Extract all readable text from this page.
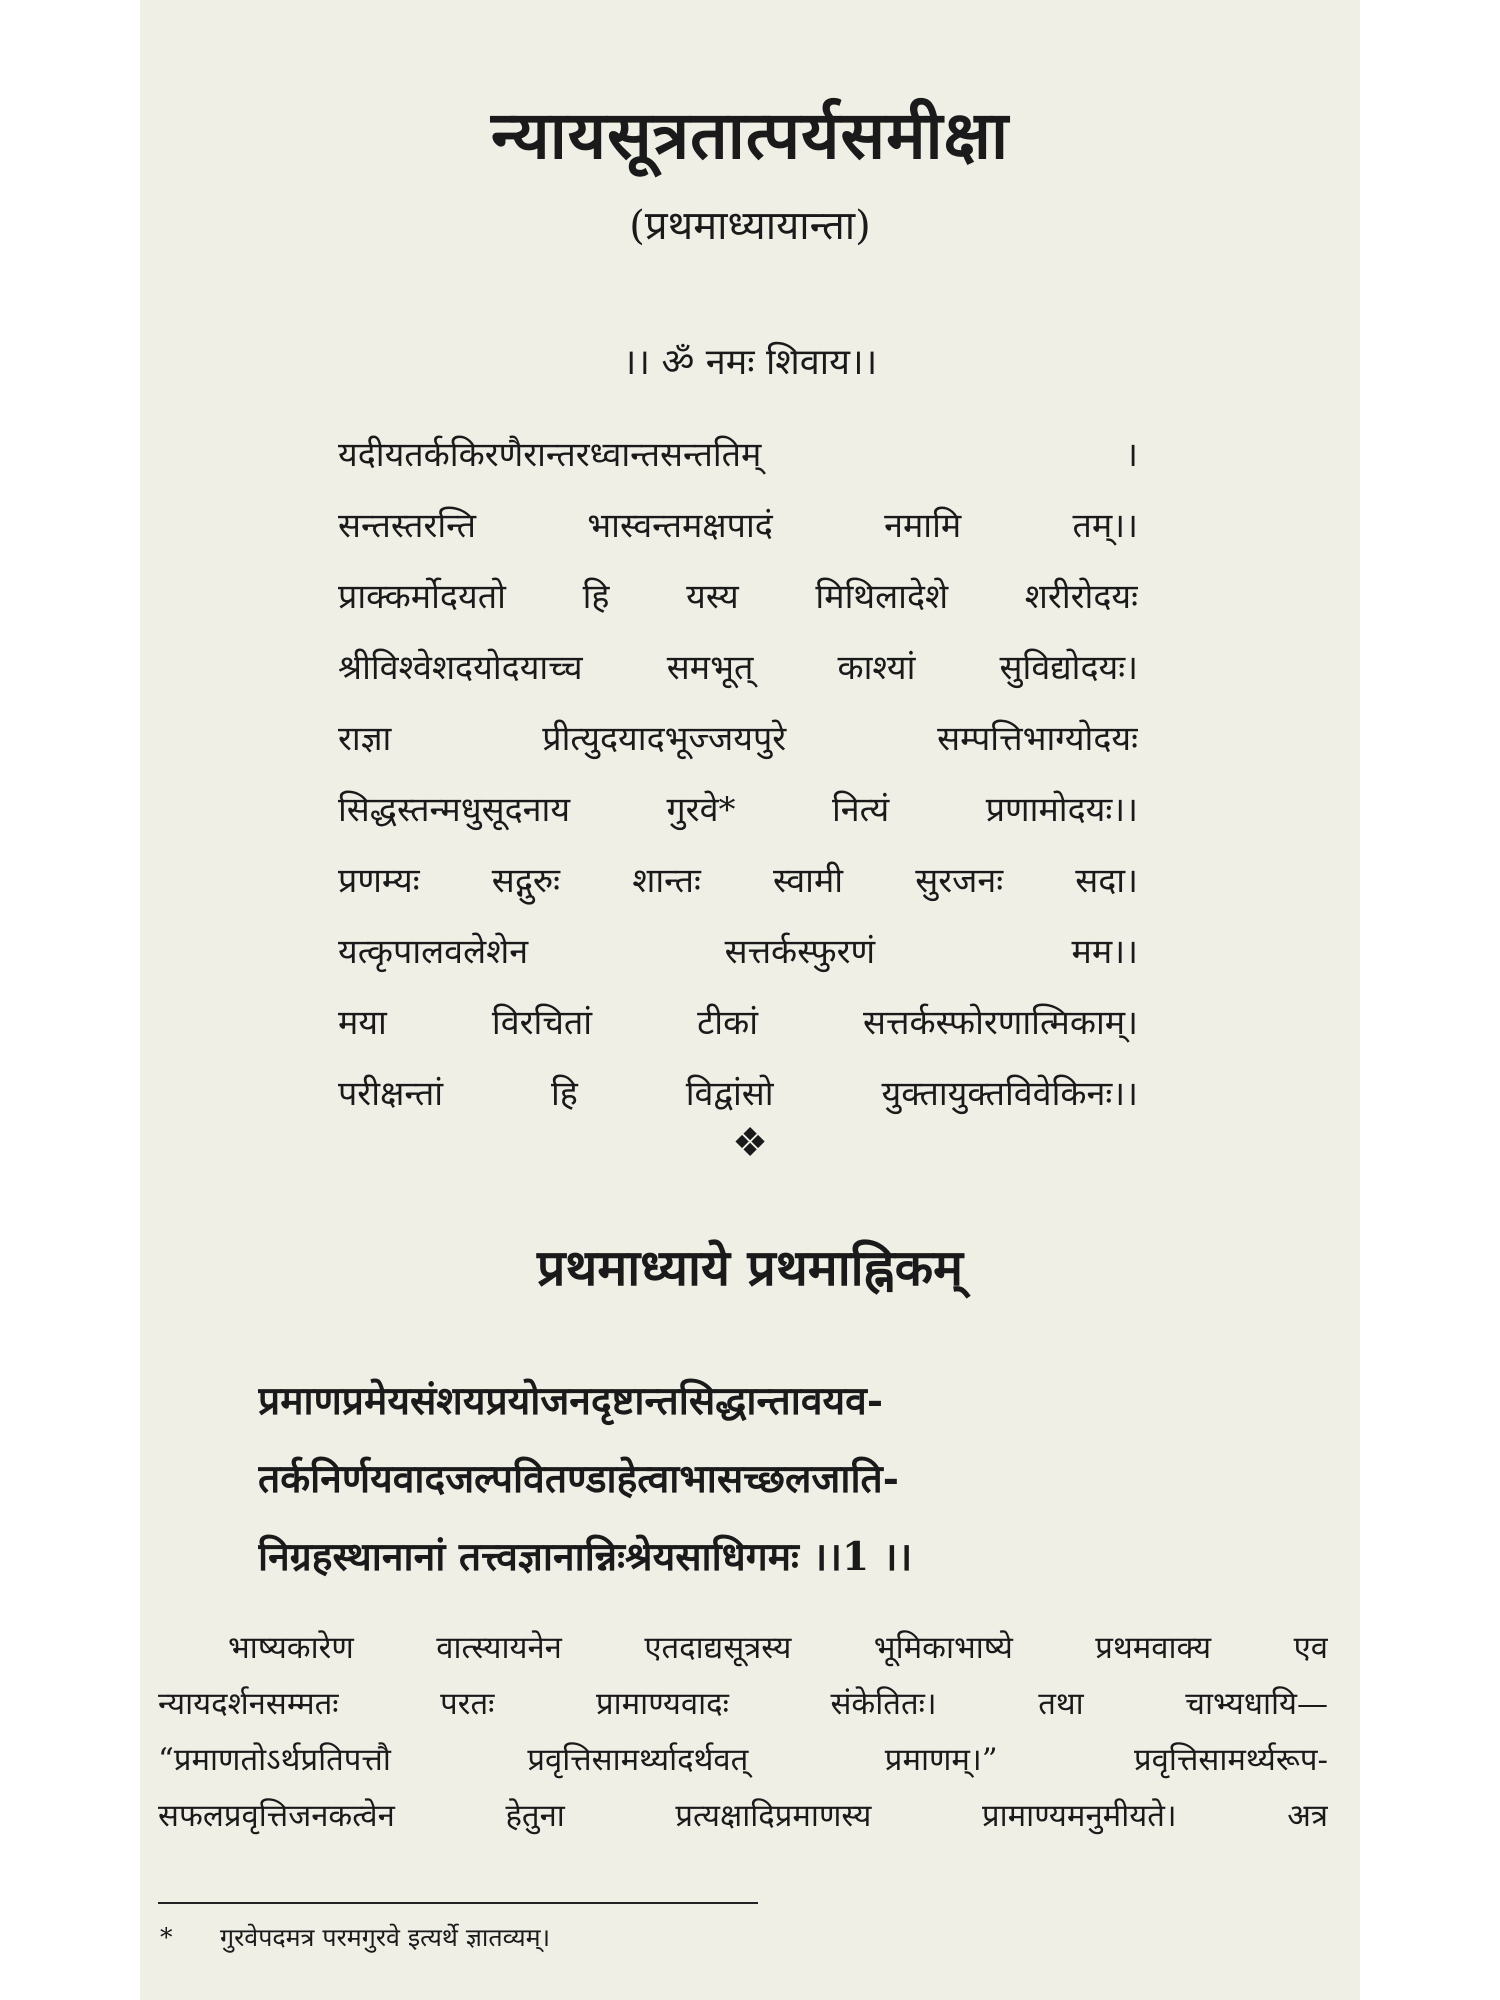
न्यायसूत्रतात्पर्यसमीक्षा
(प्रथमाध्यायान्ता)
।। ॐ नमः शिवाय।।
यदीयतर्ककिरणैरान्तरध्वान्तसन्ततिम् ।
सन्तस्तरन्ति भास्वन्तमक्षपादं नमामि तम्।।
प्राक्कर्मोदयतो हि यस्य मिथिलादेशे शरीरोदयः
श्रीविश्वेशदयोदयाच्च समभूत् काश्यां सुविद्योदयः।
राज्ञा प्रीत्युदयादभूज्जयपुरे सम्पत्तिभाग्योदयः
सिद्धस्तन्मधुसूदनाय गुरवे* नित्यं प्रणामोदयः।।
प्रणम्यः सद्गुरुः शान्तः स्वामी सुरजनः सदा।
यत्कृपालवलेशेन सत्तर्कस्फुरणं मम।।
मया विरचितां टीकां सत्तर्कस्फोरणात्मिकाम्।
परीक्षन्तां हि विद्वांसो युक्तायुक्तविवेकिनः।।
❖
प्रथमाध्याये प्रथमाह्निकम्
प्रमाणप्रमेयसंशयप्रयोजनदृष्टान्तसिद्धान्तावयव-
तर्कनिर्णयवादजल्पवितण्डाहेत्वाभासच्छलजाति-
निग्रहस्थानानां तत्त्वज्ञानान्निःश्रेयसाधिगमः ।।1 ।।
भाष्यकारेण वात्स्यायनेन एतदाद्यसूत्रस्य भूमिकाभाष्ये प्रथमवाक्य एव
न्यायदर्शनसम्मतः परतः प्रामाण्यवादः संकेतितः। तथा चाभ्यधायि—
“प्रमाणतोऽर्थप्रतिपत्तौ प्रवृत्तिसामर्थ्यादर्थवत् प्रमाणम्।” प्रवृत्तिसामर्थ्यरूप-
सफलप्रवृत्तिजनकत्वेन हेतुना प्रत्यक्षादिप्रमाणस्य प्रामाण्यमनुमीयते। अत्र
* गुरवेपदमत्र परमगुरवे इत्यर्थे ज्ञातव्यम्।
